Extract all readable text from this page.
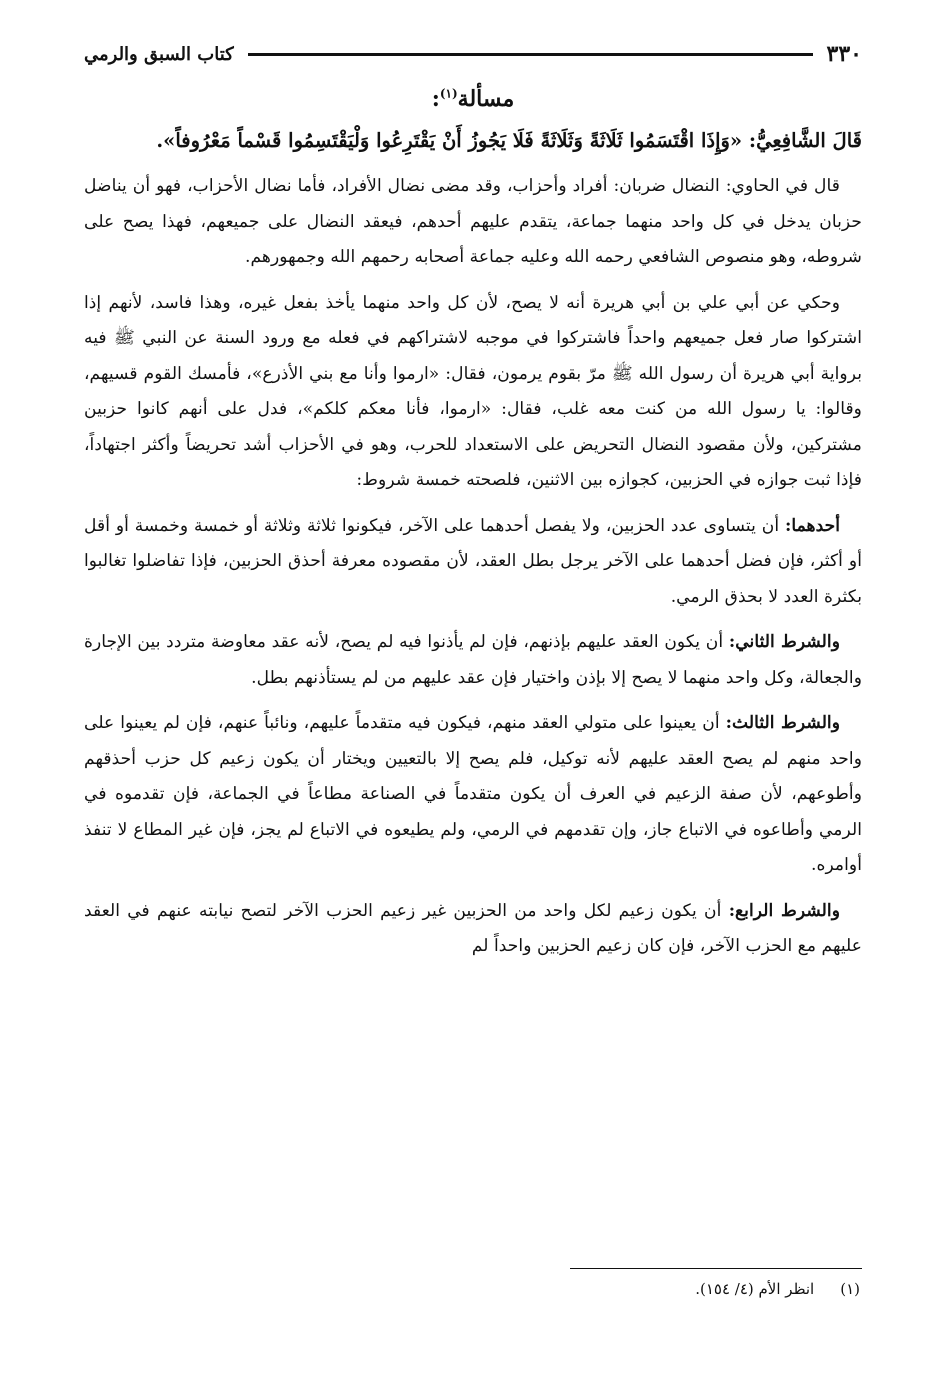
٣٣٠
كتاب السبق والرمي
مسألة$^{(١)}$:

قَالَ الشَّافِعِيُّ: «وَإِذَا اقْتَسَمُوا ثَلَاثَةً وَثَلَاثَةً فَلَا يَجُوزُ أَنْ يَقْتَرِعُوا وَلْيَقْتَسِمُوا قَسْماً مَعْرُوفاً».

قال في الحاوي: النضال ضربان: أفراد وأحزاب، وقد مضى نضال الأفراد، فأما نضال الأحزاب، فهو أن يناضل حزبان يدخل في كل واحد منهما جماعة، يتقدم عليهم أحدهم، فيعقد النضال على جميعهم، فهذا يصح على شروطه، وهو منصوص الشافعي رحمه الله وعليه جماعة أصحابه رحمهم الله وجمهورهم.

وحكي عن أبي علي بن أبي هريرة أنه لا يصح، لأن كل واحد منهما يأخذ بفعل غيره، وهذا فاسد، لأنهم إذا اشتركوا صار فعل جميعهم واحداً فاشتركوا في موجبه لاشتراكهم في فعله مع ورود السنة عن النبي ﷺ فيه برواية أبي هريرة أن رسول الله ﷺ مرّ بقوم يرمون، فقال: «ارموا وأنا مع بني الأذرع»، فأمسك القوم قسيهم، وقالوا: يا رسول الله من كنت معه غلب، فقال: «ارموا، فأنا معكم كلكم»، فدل على أنهم كانوا حزبين مشتركين، ولأن مقصود النضال التحريض على الاستعداد للحرب، وهو في الأحزاب أشد تحريضاً وأكثر اجتهاداً، فإذا ثبت جوازه في الحزبين، كجوازه بين الاثنين، فلصحته خمسة شروط:

أحدهما: أن يتساوى عدد الحزبين، ولا يفصل أحدهما على الآخر، فيكونوا ثلاثة وثلاثة أو خمسة وخمسة أو أقل أو أكثر، فإن فضل أحدهما على الآخر يرجل بطل العقد، لأن مقصوده معرفة أحذق الحزبين، فإذا تفاضلوا تغالبوا بكثرة العدد لا بحذق الرمي.

والشرط الثاني: أن يكون العقد عليهم بإذنهم، فإن لم يأذنوا فيه لم يصح، لأنه عقد معاوضة متردد بين الإجارة والجعالة، وكل واحد منهما لا يصح إلا بإذن واختيار فإن عقد عليهم من لم يستأذنهم بطل.

والشرط الثالث: أن يعينوا على متولي العقد منهم، فيكون فيه متقدماً عليهم، ونائباً عنهم، فإن لم يعينوا على واحد منهم لم يصح العقد عليهم لأنه توكيل، فلم يصح إلا بالتعيين ويختار أن يكون زعيم كل حزب أحذقهم وأطوعهم، لأن صفة الزعيم في العرف أن يكون متقدماً في الصناعة مطاعاً في الجماعة، فإن تقدموه في الرمي وأطاعوه في الاتباع جاز، وإن تقدمهم في الرمي، ولم يطيعوه في الاتباع لم يجز، فإن غير المطاع لا تنفذ أوامره.

والشرط الرابع: أن يكون زعيم لكل واحد من الحزبين غير زعيم الحزب الآخر لتصح نيابته عنهم في العقد عليهم مع الحزب الآخر، فإن كان زعيم الحزبين واحداً لم

(١)انظر الأم (٤/ ١٥٤).
